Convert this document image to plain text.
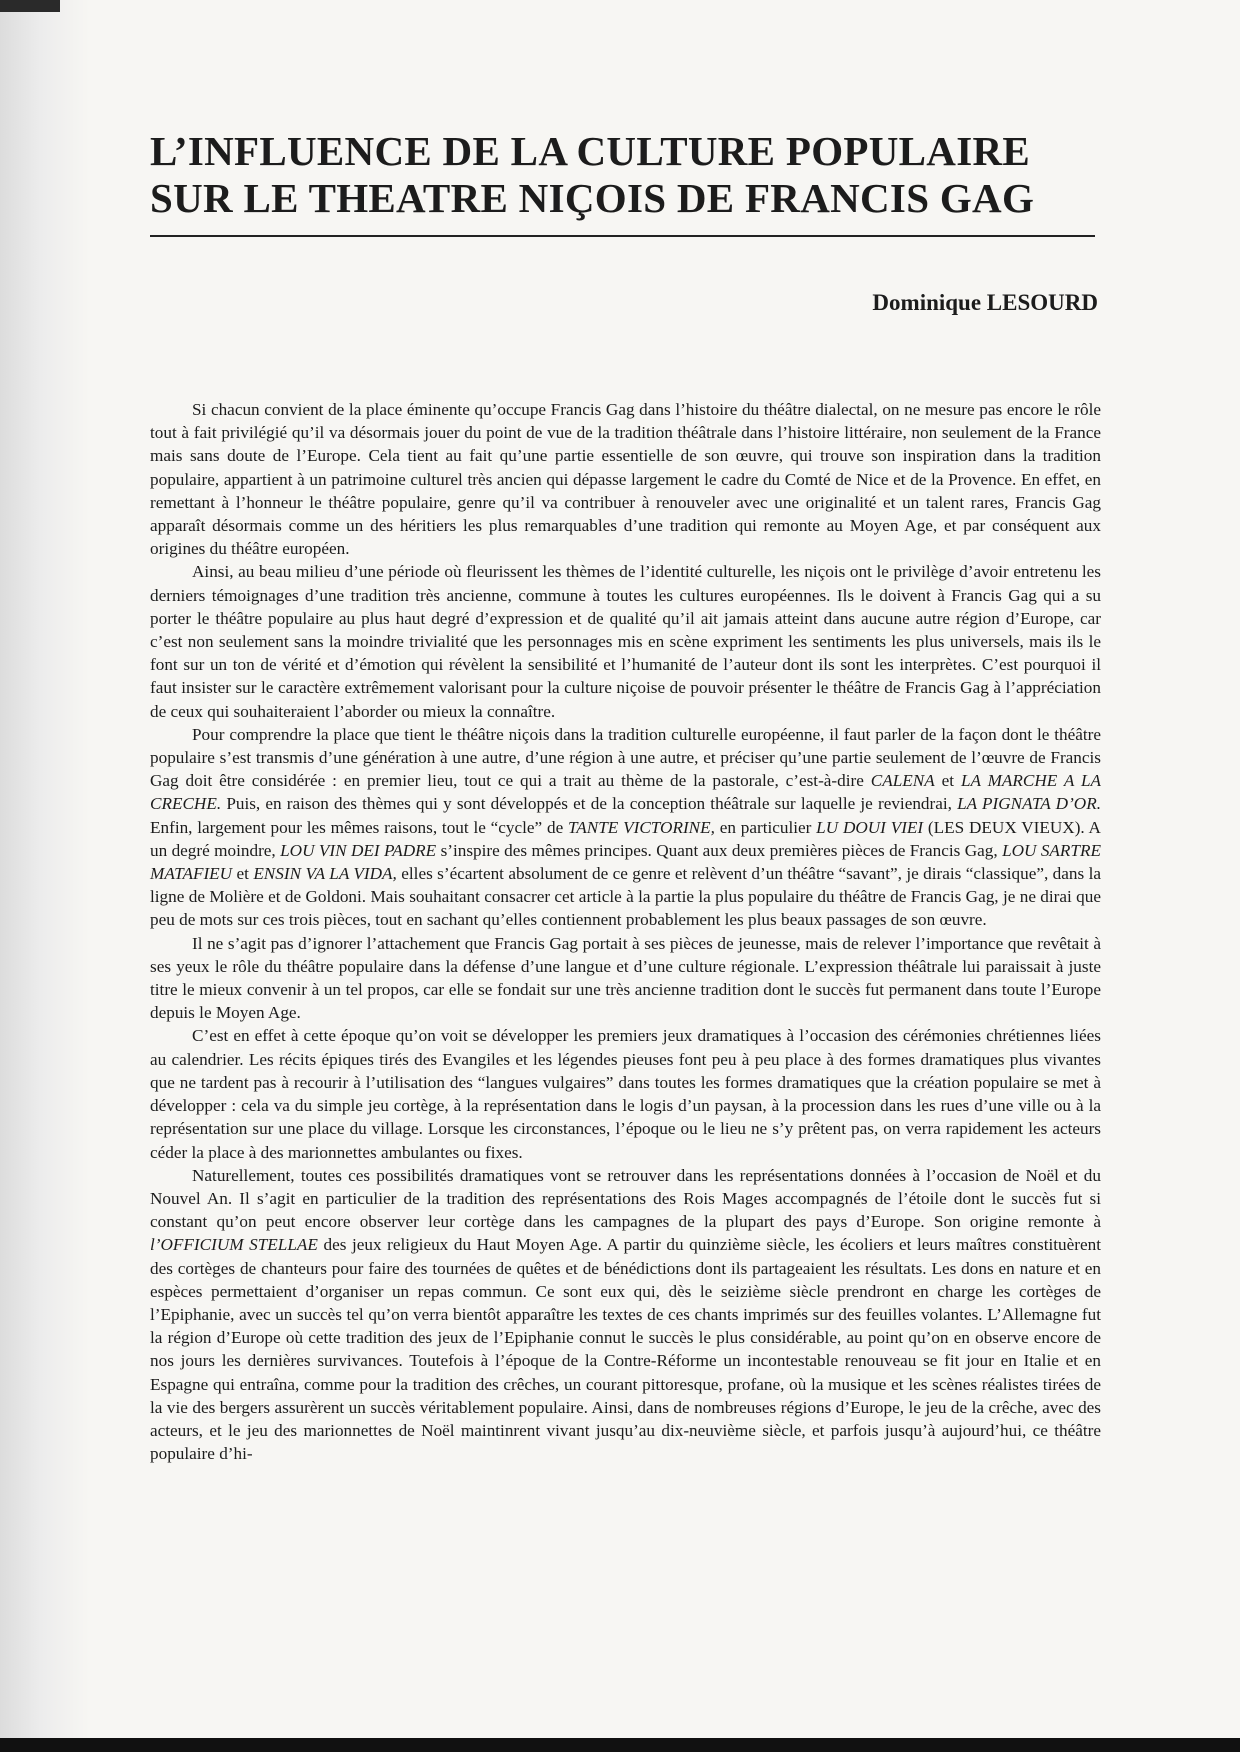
L’INFLUENCE DE LA CULTURE POPULAIRE
SUR LE THEATRE NIÇOIS DE FRANCIS GAG
Dominique LESOURD

Si chacun convient de la place éminente qu’occupe Francis Gag dans l’histoire du théâtre dialectal, on ne mesure pas encore le rôle tout à fait privilégié qu’il va désormais jouer du point de vue de la tradition théâtrale dans l’histoire littéraire, non seulement de la France mais sans doute de l’Europe. Cela tient au fait qu’une partie essentielle de son œuvre, qui trouve son inspiration dans la tradition populaire, appartient à un patrimoine culturel très ancien qui dépasse largement le cadre du Comté de Nice et de la Provence. En effet, en remettant à l’honneur le théâtre populaire, genre qu’il va contribuer à renouveler avec une originalité et un talent rares, Francis Gag apparaît désormais comme un des héritiers les plus remarquables d’une tradition qui remonte au Moyen Age, et par conséquent aux origines du théâtre européen.

Ainsi, au beau milieu d’une période où fleurissent les thèmes de l’identité culturelle, les niçois ont le privilège d’avoir entretenu les derniers témoignages d’une tradition très ancienne, commune à toutes les cultures européennes. Ils le doivent à Francis Gag qui a su porter le théâtre populaire au plus haut degré d’expression et de qualité qu’il ait jamais atteint dans aucune autre région d’Europe, car c’est non seulement sans la moindre trivialité que les personnages mis en scène expriment les sentiments les plus universels, mais ils le font sur un ton de vérité et d’émotion qui révèlent la sensibilité et l’humanité de l’auteur dont ils sont les interprètes. C’est pourquoi il faut insister sur le caractère extrêmement valorisant pour la culture niçoise de pouvoir présenter le théâtre de Francis Gag à l’appréciation de ceux qui souhaiteraient l’aborder ou mieux la connaître.

Pour comprendre la place que tient le théâtre niçois dans la tradition culturelle européenne, il faut parler de la façon dont le théâtre populaire s’est transmis d’une génération à une autre, d’une région à une autre, et préciser qu’une partie seulement de l’œuvre de Francis Gag doit être considérée : en premier lieu, tout ce qui a trait au thème de la pastorale, c’est-à-dire CALENA et LA MARCHE A LA CRECHE. Puis, en raison des thèmes qui y sont développés et de la conception théâtrale sur laquelle je reviendrai, LA PIGNATA D’OR. Enfin, largement pour les mêmes raisons, tout le “cycle” de TANTE VICTORINE, en particulier LU DOUI VIEI (LES DEUX VIEUX). A un degré moindre, LOU VIN DEI PADRE s’inspire des mêmes principes. Quant aux deux premières pièces de Francis Gag, LOU SARTRE MATAFIEU et ENSIN VA LA VIDA, elles s’écartent absolument de ce genre et relèvent d’un théâtre “savant”, je dirais “classique”, dans la ligne de Molière et de Goldoni. Mais souhaitant consacrer cet article à la partie la plus populaire du théâtre de Francis Gag, je ne dirai que peu de mots sur ces trois pièces, tout en sachant qu’elles contiennent probablement les plus beaux passages de son œuvre.

Il ne s’agit pas d’ignorer l’attachement que Francis Gag portait à ses pièces de jeunesse, mais de relever l’importance que revêtait à ses yeux le rôle du théâtre populaire dans la défense d’une langue et d’une culture régionale. L’expression théâtrale lui paraissait à juste titre le mieux convenir à un tel propos, car elle se fondait sur une très ancienne tradition dont le succès fut permanent dans toute l’Europe depuis le Moyen Age.

C’est en effet à cette époque qu’on voit se développer les premiers jeux dramatiques à l’occasion des cérémonies chrétiennes liées au calendrier. Les récits épiques tirés des Evangiles et les légendes pieuses font peu à peu place à des formes dramatiques plus vivantes que ne tardent pas à recourir à l’utilisation des “langues vulgaires” dans toutes les formes dramatiques que la création populaire se met à développer : cela va du simple jeu cortège, à la représentation dans le logis d’un paysan, à la procession dans les rues d’une ville ou à la représentation sur une place du village. Lorsque les circonstances, l’époque ou le lieu ne s’y prêtent pas, on verra rapidement les acteurs céder la place à des marionnettes ambulantes ou fixes.

Naturellement, toutes ces possibilités dramatiques vont se retrouver dans les représentations données à l’occasion de Noël et du Nouvel An. Il s’agit en particulier de la tradition des représentations des Rois Mages accompagnés de l’étoile dont le succès fut si constant qu’on peut encore observer leur cortège dans les campagnes de la plupart des pays d’Europe. Son origine remonte à l’OFFICIUM STELLAE des jeux religieux du Haut Moyen Age. A partir du quinzième siècle, les écoliers et leurs maîtres constituèrent des cortèges de chanteurs pour faire des tournées de quêtes et de bénédictions dont ils partageaient les résultats. Les dons en nature et en espèces permettaient d’organiser un repas commun. Ce sont eux qui, dès le seizième siècle prendront en charge les cortèges de l’Epiphanie, avec un succès tel qu’on verra bientôt apparaître les textes de ces chants imprimés sur des feuilles volantes. L’Allemagne fut la région d’Europe où cette tradition des jeux de l’Epiphanie connut le succès le plus considérable, au point qu’on en observe encore de nos jours les dernières survivances. Toutefois à l’époque de la Contre-Réforme un incontestable renouveau se fit jour en Italie et en Espagne qui entraîna, comme pour la tradition des crêches, un courant pittoresque, profane, où la musique et les scènes réalistes tirées de la vie des bergers assurèrent un succès véritablement populaire. Ainsi, dans de nombreuses régions d’Europe, le jeu de la crêche, avec des acteurs, et le jeu des marionnettes de Noël maintinrent vivant jusqu’au dix-neuvième siècle, et parfois jusqu’à aujourd’hui, ce théâtre populaire d’hi-
